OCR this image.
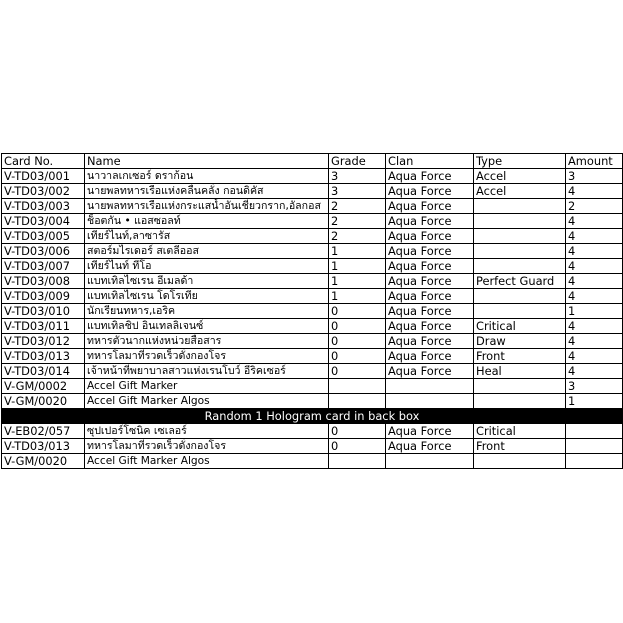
Card No.	Name	Grade	Clan	Type	Amount
V-TD03/001	นาวาลเกเซอร์ ดราก้อน	3	Aqua Force	Accel	3
V-TD03/002	นายพลทหารเรือแห่งคลื่นคลั่ง กอนดิคัส	3	Aqua Force	Accel	4
V-TD03/003	นายพลทหารเรือแห่งกระแสน้ำอันเชี่ยวกราก,อัลกอส	2	Aqua Force		2
V-TD03/004	ช็อตกัน • แอสซอลท์	2	Aqua Force		4
V-TD03/005	เทียร์ไนท์,ลาซารัส	2	Aqua Force		4
V-TD03/006	สตอร์มไรเดอร์ สเตลีออส	1	Aqua Force		4
V-TD03/007	เทียร์ไนท์ ทีโอ	1	Aqua Force		4
V-TD03/008	แบทเทิลไซเรน อีเมลด้า	1	Aqua Force	Perfect Guard	4
V-TD03/009	แบทเทิลไซเรน โดโรเทีย	1	Aqua Force		4
V-TD03/010	นักเรียนทหาร,เอริค	0	Aqua Force		1
V-TD03/011	แบทเทิลชิป อินเทลลิเจนซ์	0	Aqua Force	Critical	4
V-TD03/012	ทหารตัวนากแห่งหน่วยสื่อสาร	0	Aqua Force	Draw	4
V-TD03/013	ทหารโลมาที่รวดเร็วดั่งกองโจร	0	Aqua Force	Front	4
V-TD03/014	เจ้าหน้าที่พยาบาลสาวแห่งเรนโบว์ อีริคเซอร์	0	Aqua Force	Heal	4
V-GM/0002	Accel Gift Marker				3
V-GM/0020	Accel Gift Marker Algos				1
Random 1 Hologram card in back box					
V-EB02/057	ซุปเปอร์โซนิค เซเลอร์	0	Aqua Force	Critical	
V-TD03/013	ทหารโลมาที่รวดเร็วดั่งกองโจร	0	Aqua Force	Front	
V-GM/0020	Accel Gift Marker Algos				
